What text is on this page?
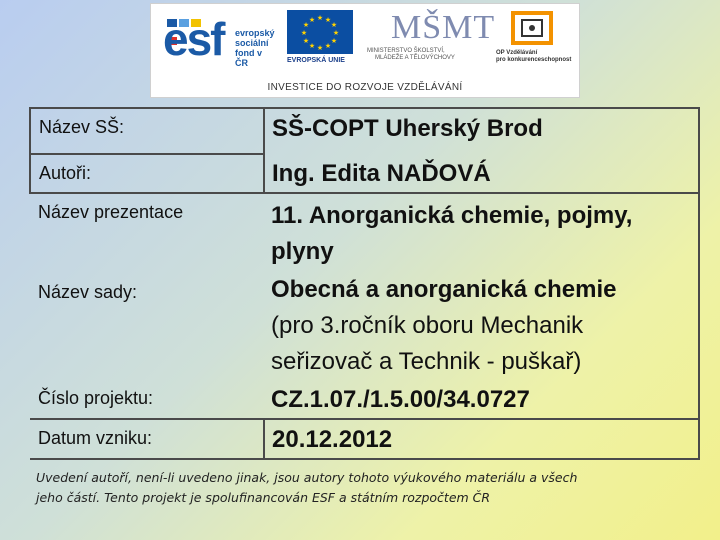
esf evropský
sociální
fond v ČR
★ ★
★
★
★
★
★
★
★
★
★
★
EVROPSKÁ UNIE
MŠMT
MINISTERSTVO ŠKOLSTVÍ,
MLÁDEŽE A TĚLOVÝCHOVY
OP Vzdělávání
pro konkurenceschopnost
INVESTICE DO ROZVOJE VZDĚLÁVÁNÍ
Název SŠ:	SŠ-COPT Uherský Brod
Autoři:	Ing. Edita NAĎOVÁ
Název prezentace	11. Anorganická chemie, pojmy,
plyny

Název sady:	Obecná a anorganická chemie
(pro 3.ročník oboru Mechanik
seřizovač a Technik - puškař)

Číslo projektu:	CZ.1.07./1.5.00/34.0727
Datum vzniku:	20.12.2012
Uvedení autoří, není-li uvedeno jinak, jsou autory tohoto výukového materiálu a všech
jeho částí. Tento projekt je spolufinancován ESF a státním rozpočtem ČR
